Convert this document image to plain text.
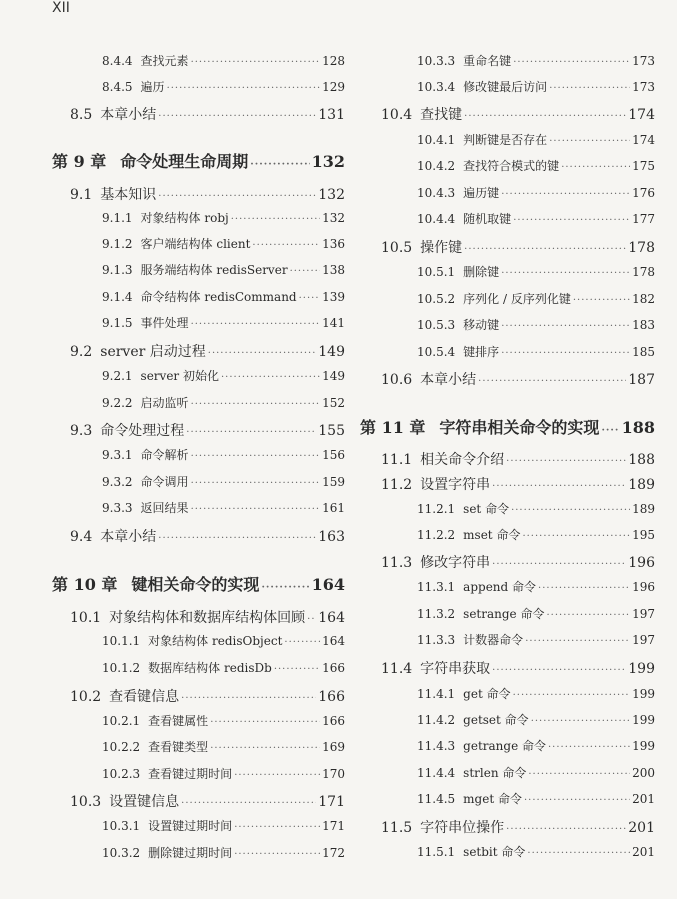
XII
8.4.4 查找元素 ·····	128
8.4.5 遍历 ·····	129
8.5 本章小结 ·····	131
第 9 章 命令处理生命周期 ·····	132
9.1 基本知识 ·····	132
9.1.1 对象结构体 robj ·····	132
9.1.2 客户端结构体 client ·····	136
9.1.3 服务端结构体 redisServer ·····	138
9.1.4 命令结构体 redisCommand ····· 139
9.1.5 事件处理 ·····	141
9.2 server 启动过程 ·····	149
9.2.1 server 初始化 ·····	149
9.2.2 启动监听 ·····	152
9.3 命令处理过程 ·····	155
9.3.1 命令解析 ·····	156
9.3.2 命令调用 ·····	159
9.3.3 返回结果 ·····	161
9.4 本章小结 ·····	163
第 10 章 键相关命令的实现 ·····	164
10.1 对象结构体和数据库结构体回顾 ····· 164
10.1.1 对象结构体 redisObject ·····	164
10.1.2 数据库结构体 redisDb ·····	166
10.2 查看键信息 ·····	166
10.2.1 查看键属性 ·····	166
10.2.2 查看键类型 ·····	169
10.2.3 查看键过期时间 ·····	170
10.3 设置键信息 ·····	171
10.3.1 设置键过期时间 ·····	171
10.3.2 删除键过期时间 ·····	172
10.3.3 重命名键 ·····	173
10.3.4 修改键最后访问 ·····	173
10.4 查找键 ·····	174
10.4.1 判断键是否存在 ·····	174
10.4.2 查找符合模式的键 ·····	175
10.4.3 遍历键 ·····	176
10.4.4 随机取键 ·····	177
10.5 操作键 ·····	178
10.5.1 删除键 ·····	178
10.5.2 序列化 / 反序列化键 ·····	182
10.5.3 移动键 ·····	183
10.5.4 键排序 ·····	185
10.6 本章小结 ·····	187
第 11 章 字符串相关命令的实现 ····· 188
11.1 相关命令介绍 ·····	188
11.2 设置字符串 ·····	189
11.2.1 set 命令 ·····	189
11.2.2 mset 命令 ·····	195
11.3 修改字符串 ·····	196
11.3.1 append 命令 ·····	196
11.3.2 setrange 命令 ·····	197
11.3.3 计数器命令 ·····	197
11.4 字符串获取 ·····	199
11.4.1 get 命令 ·····	199
11.4.2 getset 命令 ·····	199
11.4.3 getrange 命令 ·····	199
11.4.4 strlen 命令 ·····	200
11.4.5 mget 命令 ·····	201
11.5 字符串位操作 ·····	201
11.5.1 setbit 命令 ·····	201
